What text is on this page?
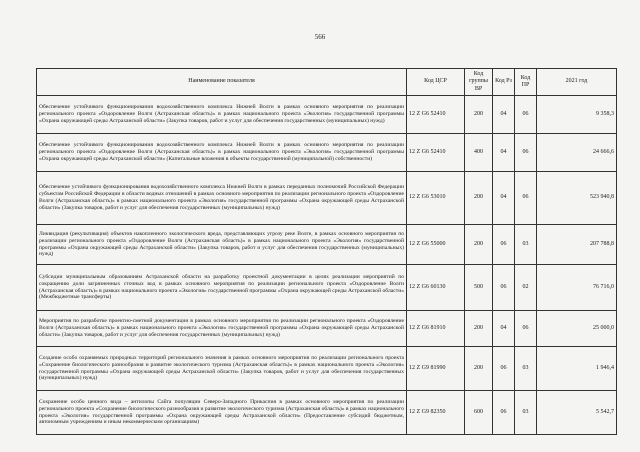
566
Наименование показателя	Код ЦСР	Код группы ВР	Код Рз	Код ПР	2021 год
Обеспечение устойчивого функционирования водохозяйственного комплекса Нижней Волги в рамках основного мероприятия по реализации регионального проекта «Оздоровление Волги (Астраханская область)» в рамках национального проекта «Экология» государственной программы «Охрана окружающей среды Астраханской области» (Закупка товаров, работ и услуг для обеспечения государственных (муниципальных) нужд)	12 Z G6 52410	200	04	06	9 358,3
Обеспечение устойчивого функционирования водохозяйственного комплекса Нижней Волги в рамках основного мероприятия по реализации регионального проекта «Оздоровление Волги (Астраханская область)» в рамках национального проекта «Экология» государственной программы «Охрана окружающей среды Астраханской области» (Капитальные вложения в объекты государственной (муниципальной) собственности)	12 Z G6 52410	400	04	06	24 666,6
Обеспечение устойчивого функционирования водохозяйственного комплекса Нижней Волги в рамках переданных полномочий Российской Федерации субъектам Российской Федерации в области водных отношений в рамках основного мероприятия по реализации регионального проекта «Оздоровление Волги (Астраханская область)» в рамках национального проекта «Экология» государственной программы «Охрана окружающей среды Астраханской области» (Закупка товаров, работ и услуг для обеспечения государственных (муниципальных) нужд)	12 Z G6 53010	200	04	06	523 940,8
Ликвидация (рекультивация) объектов накопленного экологического вреда, представляющих угрозу реке Волге, в рамках основного мероприятия по реализации регионального проекта «Оздоровление Волги (Астраханская область)» в рамках национального проекта «Экология» государственной программы «Охрана окружающей среды Астраханской области» (Закупка товаров, работ и услуг для обеспечения государственных (муниципальных) нужд)	12 Z G6 55000	200	06	03	207 788,8
Субсидии муниципальным образованиям Астраханской области на разработку проектной документации в целях реализации мероприятий по сокращению доли загрязненных сточных вод в рамках основного мероприятия по реализации регионального проекта «Оздоровление Волги (Астраханская область)» в рамках национального проекта «Экология» государственной программы «Охрана окружающей среды Астраханской области» (Межбюджетные трансферты)	12 Z G6 60130	500	06	02	76 716,0
Мероприятия по разработке проектно-сметной документации в рамках основного мероприятия по реализации регионального проекта «Оздоровление Волги (Астраханская область)» в рамках национального проекта «Экология» государственной программы «Охрана окружающей среды Астраханской области» (Закупка товаров, работ и услуг для обеспечения государственных (муниципальных) нужд)	12 Z G6 81910	200	04	06	25 000,0
Создание особо охраняемых природных территорий регионального значения в рамках основного мероприятия по реализации регионального проекта «Сохранение биологического разнообразия и развитие экологического туризма (Астраханская область)» в рамках национального проекта «Экология» государственной программы «Охрана окружающей среды Астраханской области» (Закупка товаров, работ и услуг для обеспечения государственных (муниципальных) нужд)	12 Z G9 81990	200	06	03	1 946,4
Сохранение особо ценного вида – антилопы Сайга популяции Северо-Западного Прикаспия в рамках основного мероприятия по реализации регионального проекта «Сохранение биологического разнообразия и развитие экологического туризма (Астраханская область)» в рамках национального проекта «Экология» государственной программы «Охрана окружающей среды Астраханской области» (Предоставление субсидий бюджетным, автономным учреждениям и иным некоммерческим организациям)	12 Z G9 82350	600	06	03	5 542,7
